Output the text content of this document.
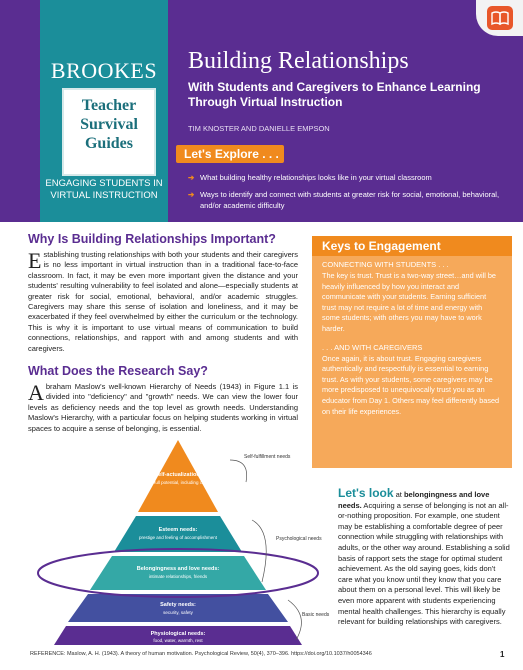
BROOKES
Teacher
Survival
Guides
ENGAGING STUDENTS IN VIRTUAL INSTRUCTION
Building Relationships
With Students and Caregivers to Enhance Learning Through Virtual Instruction
TIM KNOSTER AND DANIELLE EMPSON
Let's Explore . . .
➔ What building healthy relationships looks like in your virtual classroom
➔ Ways to identify and connect with students at greater risk for social, emotional, behavioral, and/or academic difficulty
Why Is Building Relationships Important?

Establishing trusting relationships with both your students and their caregivers is no less important in virtual instruction than in a traditional face-to-face classroom. In fact, it may be even more important given the distance and your students' resulting vulnerability to feel isolated and alone—especially students at greater risk for social, emotional, behavioral, and/or academic struggles. Caregivers may share this sense of isolation and loneliness, and it may be exacerbated if they feel overwhelmed by either the curriculum or the technology. This is why it is important to use virtual means of communication to build connections, relationships, and rapport with and among students and with caregivers.

What Does the Research Say?

Abraham Maslow's well-known Hierarchy of Needs (1943) in Figure 1.1 is divided into "deficiency" and "growth" needs. We can view the lower four levels as deficiency needs and the top level as growth needs. Understanding Maslow's Hierarchy, with a particular focus on helping students working in virtual spaces to acquire a sense of belonging, is essential.

Keys to Engagement
CONNECTING WITH STUDENTS . . .

The key is trust. Trust is a two-way street…and will be heavily influenced by how you interact and communicate with your students. Earning sufficient trust may not require a lot of time and energy with some students; with others you may have to work harder.

. . . AND WITH CAREGIVERS

Once again, it is about trust. Engaging caregivers authentically and respectfully is essential to earning trust. As with your students, some caregivers may be more predisposed to unequivocally trust you as an educator from Day 1. Others may feel differently based on their life experiences.

Self-actualization:
achieving one's full potential, including creative activities
Esteem needs:
prestige and feeling of accomplishment
Belongingness and love needs:
intimate relationships, friends
Safety needs:
security, safety
Physiological needs:
food, water, warmth, rest
Self-fulfillment needs
Psychological needs
Basic needs
Let's look at belongingness and love needs. Acquiring a sense of belonging is not an all-or-nothing proposition. For example, one student may be establishing a comfortable degree of peer connection while struggling with relationships with adults, or the other way around. Establishing a solid basis of rapport sets the stage for optimal student achievement. As the old saying goes, kids don't care what you know until they know that you care about them on a personal level. This will likely be even more apparent with students experiencing mental health challenges. This hierarchy is equally relevant for building relationships with caregivers.
REFERENCE: Maslow, A. H. (1943). A theory of human motivation. Psychological Review, 50(4), 370–396. https://doi.org/10.1037/h0054346	1
